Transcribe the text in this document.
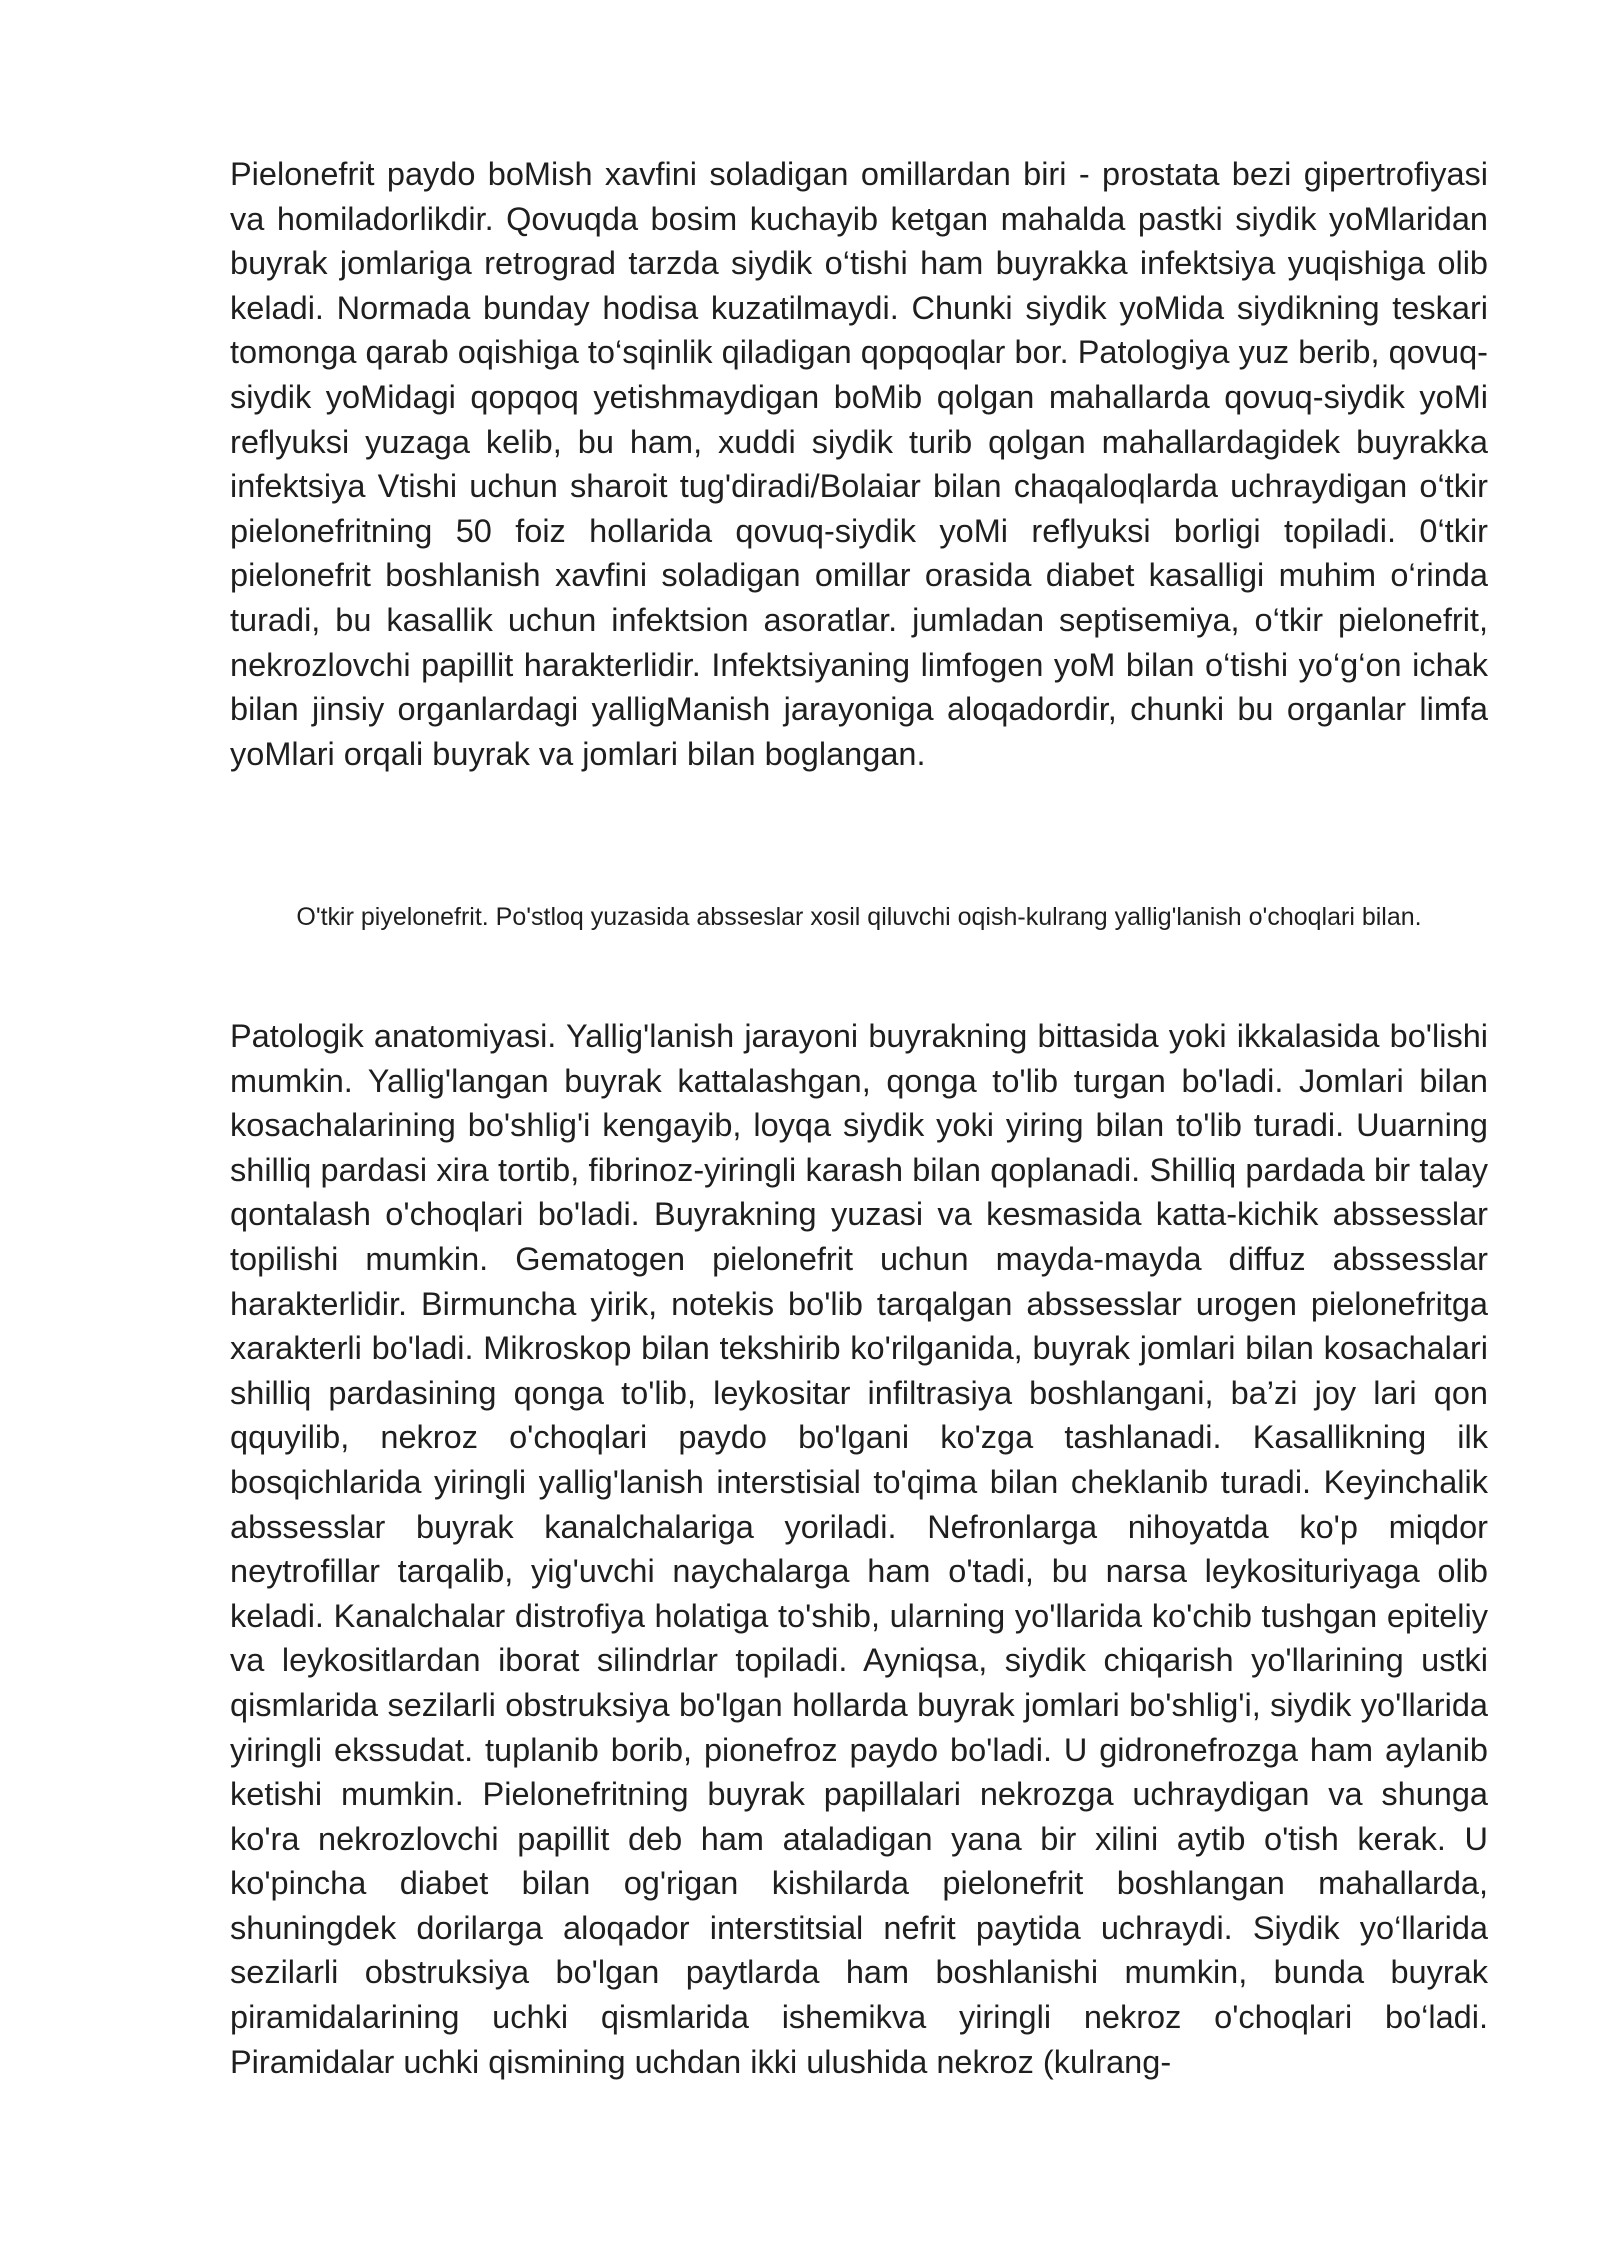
Pielonefrit paydo boMish xavfini soladigan omillardan biri - prostata bezi gipertrofiyasi va homiladorlikdir. Qovuqda bosim kuchayib ketgan mahalda pastki siydik yoMlaridan buyrak jomlariga retrograd tarzda siydik o‘tishi ham buyrakka infektsiya yuqishiga olib keladi. Normada bunday hodisa kuzatilmaydi. Chunki siydik yoMida siydikning teskari tomonga qarab oqishiga to‘sqinlik qiladigan qopqoqlar bor. Patologiya yuz berib, qovuq-siydik yoMidagi qopqoq yetishmaydigan boMib qolgan mahallarda qovuq-siydik yoMi reflyuksi yuzaga kelib, bu ham, xuddi siydik turib qolgan mahallardagidek buyrakka infektsiya Vtishi uchun sharoit tug'diradi/Bolaiar bilan chaqaloqlarda uchraydigan o‘tkir pielonefritning 50 foiz hollarida qovuq-siydik yoMi reflyuksi borligi topiladi. 0‘tkir pielonefrit boshlanish xavfini soladigan omillar orasida diabet kasalligi muhim o‘rinda turadi, bu kasallik uchun infektsion asoratlar. jumladan septisemiya, o‘tkir pielonefrit, nekrozlovchi papillit harakterlidir. Infektsiyaning limfogen yoM bilan o‘tishi yo‘g‘on ichak bilan jinsiy organlardagi yalligManish jarayoniga aloqadordir, chunki bu organlar limfa yoMlari orqali buyrak va jomlari bilan boglangan.

O'tkir piyelonefrit. Po'stloq yuzasida absseslar xosil qiluvchi oqish-kulrang yallig'lanish o'choqlari bilan.

Patologik anatomiyasi. Yallig'lanish jarayoni buyrakning bittasida yoki ikkalasida bo'lishi mumkin. Yallig'langan buyrak kattalashgan, qonga to'lib turgan bo'ladi. Jomlari bilan kosachalarining bo'shlig'i kengayib, loyqa siydik yoki yiring bilan to'lib turadi. Uuarning shilliq pardasi xira tortib, fibrinoz-yiringli karash bilan qoplanadi. Shilliq pardada bir talay qontalash o'choqlari bo'ladi. Buyrakning yuzasi va kesmasida katta-kichik abssesslar topilishi mumkin. Gematogen pielonefrit uchun mayda-mayda diffuz abssesslar harakterlidir. Birmuncha yirik, notekis bo'lib tarqalgan abssesslar urogen pielonefritga xarakterli bo'ladi. Mikroskop bilan tekshirib ko'rilganida, buyrak jomlari bilan kosachalari shilliq pardasining qonga to'lib, leykositar infiltrasiya boshlangani, ba’zi joy lari qon qquyilib, nekroz o'choqlari paydo bo'lgani ko'zga tashlanadi. Kasallikning ilk bosqichlarida yiringli yallig'lanish interstisial to'qima bilan cheklanib turadi. Keyinchalik abssesslar buyrak kanalchalariga yoriladi. Nefronlarga nihoyatda ko'p miqdor neytrofillar tarqalib, yig'uvchi naychalarga ham o'tadi, bu narsa leykosituriyaga olib keladi. Kanalchalar distrofiya holatiga to'shib, ularning yo'llarida ko'chib tushgan epiteliy va leykositlardan iborat silindrlar topiladi. Ayniqsa, siydik chiqarish yo'llarining ustki qismlarida sezilarli obstruksiya bo'lgan hollarda buyrak jomlari bo'shlig'i, siydik yo'llarida yiringli ekssudat. tuplanib borib, pionefroz paydo bo'ladi. U gidronefrozga ham aylanib ketishi mumkin. Pielonefritning buyrak papillalari nekrozga uchraydigan va shunga ko'ra nekrozlovchi papillit deb ham ataladigan yana bir xilini aytib o'tish kerak. U ko'pincha diabet bilan og'rigan kishilarda pielonefrit boshlangan mahallarda, shuningdek dorilarga aloqador interstitsial nefrit paytida uchraydi. Siydik yo‘llarida sezilarli obstruksiya bo'lgan paytlarda ham boshlanishi mumkin, bunda buyrak piramidalarining uchki qismlarida ishemikva yiringli nekroz o'choqlari bo‘ladi. Piramidalar uchki qismining uchdan ikki ulushida nekroz (kulrang-
